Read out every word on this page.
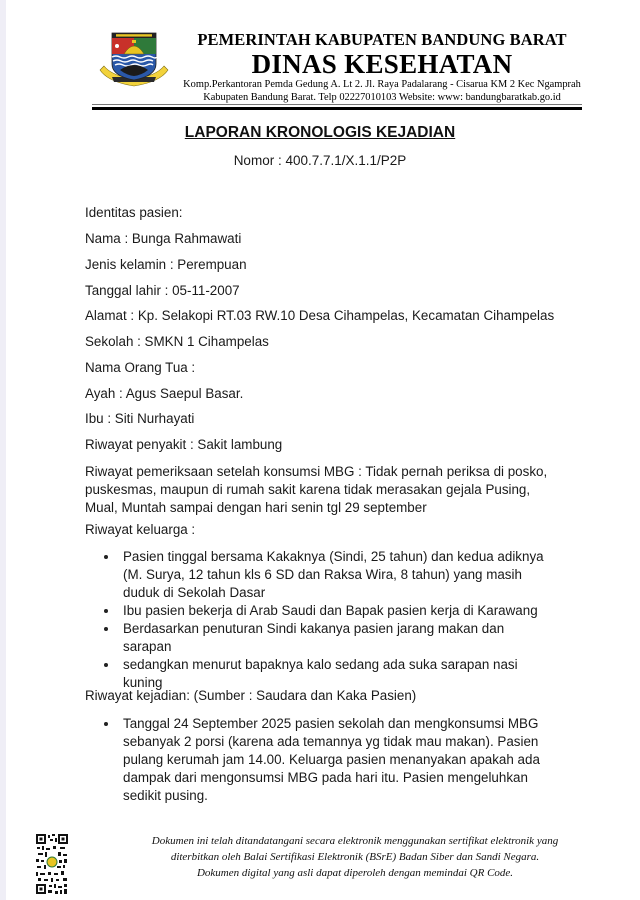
PEMERINTAH KABUPATEN BANDUNG BARAT
DINAS KESEHATAN
Komp.Perkantoran Pemda Gedung A. Lt 2. Jl. Raya Padalarang - Cisarua KM 2 Kec Ngamprah
Kabupaten Bandung Barat. Telp 02227010103 Website: www: bandungbaratkab.go.id
LAPORAN KRONOLOGIS KEJADIAN
Nomor : 400.7.7.1/X.1.1/P2P
Identitas pasien:
Nama : Bunga Rahmawati
Jenis kelamin : Perempuan
Tanggal lahir : 05-11-2007
Alamat : Kp. Selakopi RT.03 RW.10 Desa Cihampelas, Kecamatan Cihampelas
Sekolah : SMKN 1 Cihampelas
Nama Orang Tua :
Ayah : Agus Saepul Basar.
Ibu : Siti Nurhayati
Riwayat penyakit : Sakit lambung
Riwayat pemeriksaan setelah konsumsi MBG : Tidak pernah periksa di posko, puskesmas, maupun di rumah sakit karena tidak merasakan gejala Pusing, Mual, Muntah sampai dengan hari senin tgl 29 september
Riwayat keluarga :
Pasien tinggal bersama Kakaknya (Sindi, 25 tahun) dan kedua adiknya (M. Surya, 12 tahun kls 6 SD dan Raksa Wira, 8 tahun) yang masih duduk di Sekolah Dasar
Ibu pasien bekerja di Arab Saudi dan Bapak pasien kerja di Karawang
Berdasarkan penuturan Sindi kakanya pasien jarang makan dan sarapan
sedangkan menurut bapaknya kalo sedang ada suka sarapan nasi kuning
Riwayat kejadian: (Sumber : Saudara dan Kaka Pasien)
Tanggal 24 September 2025 pasien sekolah dan mengkonsumsi MBG sebanyak 2 porsi (karena ada temannya yg tidak mau makan). Pasien pulang kerumah jam 14.00. Keluarga pasien menanyakan apakah ada dampak dari mengonsumsi MBG pada hari itu. Pasien mengeluhkan sedikit pusing.
Dokumen ini telah ditandatangani secara elektronik menggunakan sertifikat elektronik yang
diterbitkan oleh Balai Sertifikasi Elektronik (BSrE) Badan Siber dan Sandi Negara.
Dokumen digital yang asli dapat diperoleh dengan memindai QR Code.
